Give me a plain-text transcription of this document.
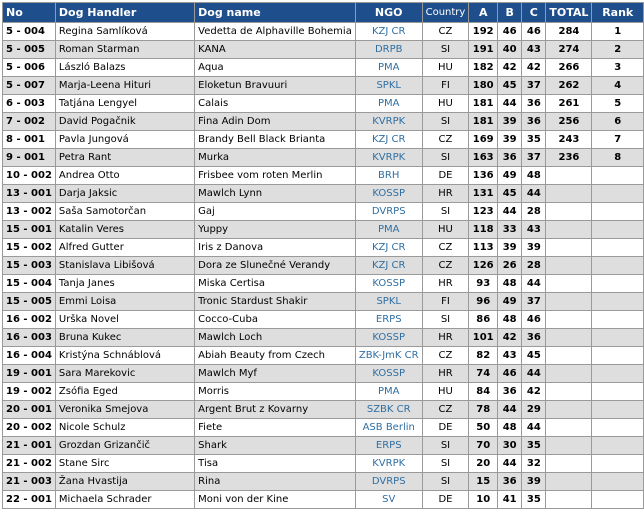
No	Dog Handler	Dog name	NGO	Country	A	B	C	TOTAL	Rank
5 - 004	Regina Samlíková	Vedetta de Alphaville Bohemia	KZJ CR	CZ	192	46	46	284	1
5 - 005	Roman Starman	KANA	DRPB	SI	191	40	43	274	2
5 - 006	László Balazs	Aqua	PMA	HU	182	42	42	266	3
5 - 007	Marja-Leena Hituri	Eloketun Bravuuri	SPKL	FI	180	45	37	262	4
6 - 003	Tatjána Lengyel	Calais	PMA	HU	181	44	36	261	5
7 - 002	David Pogačnik	Fina Adin Dom	KVRPK	SI	181	39	36	256	6
8 - 001	Pavla Jungová	Brandy Bell Black Brianta	KZJ CR	CZ	169	39	35	243	7
9 - 001	Petra Rant	Murka	KVRPK	SI	163	36	37	236	8
10 - 002	Andrea Otto	Frisbee vom roten Merlin	BRH	DE	136	49	48		
13 - 001	Darja Jaksic	Mawlch Lynn	KOSSP	HR	131	45	44		
13 - 002	Saša Samotorčan	Gaj	DVRPS	SI	123	44	28		
15 - 001	Katalin Veres	Yuppy	PMA	HU	118	33	43		
15 - 002	Alfred Gutter	Iris z Danova	KZJ CR	CZ	113	39	39		
15 - 003	Stanislava Libišová	Dora ze Slunečné Verandy	KZJ CR	CZ	126	26	28		
15 - 004	Tanja Janes	Miska Certisa	KOSSP	HR	93	48	44		
15 - 005	Emmi Loisa	Tronic Stardust Shakir	SPKL	FI	96	49	37		
16 - 002	Urška Novel	Cocco-Cuba	ERPS	SI	86	48	46		
16 - 003	Bruna Kukec	Mawlch Loch	KOSSP	HR	101	42	36		
16 - 004	Kristýna Schnáblová	Abiah Beauty from Czech	ZBK-JmK CR	CZ	82	43	45		
19 - 001	Sara Marekovic	Mawlch Myf	KOSSP	HR	74	46	44		
19 - 002	Zsófia Eged	Morris	PMA	HU	84	36	42		
20 - 001	Veronika Smejova	Argent Brut z Kovarny	SZBK CR	CZ	78	44	29		
20 - 002	Nicole Schulz	Fiete	ASB Berlin	DE	50	48	44		
21 - 001	Grozdan Grizančič	Shark	ERPS	SI	70	30	35		
21 - 002	Stane Sirc	Tisa	KVRPK	SI	20	44	32		
21 - 003	Žana Hvastija	Rina	DVRPS	SI	15	36	39		
22 - 001	Michaela Schrader	Moni von der Kine	SV	DE	10	41	35		
